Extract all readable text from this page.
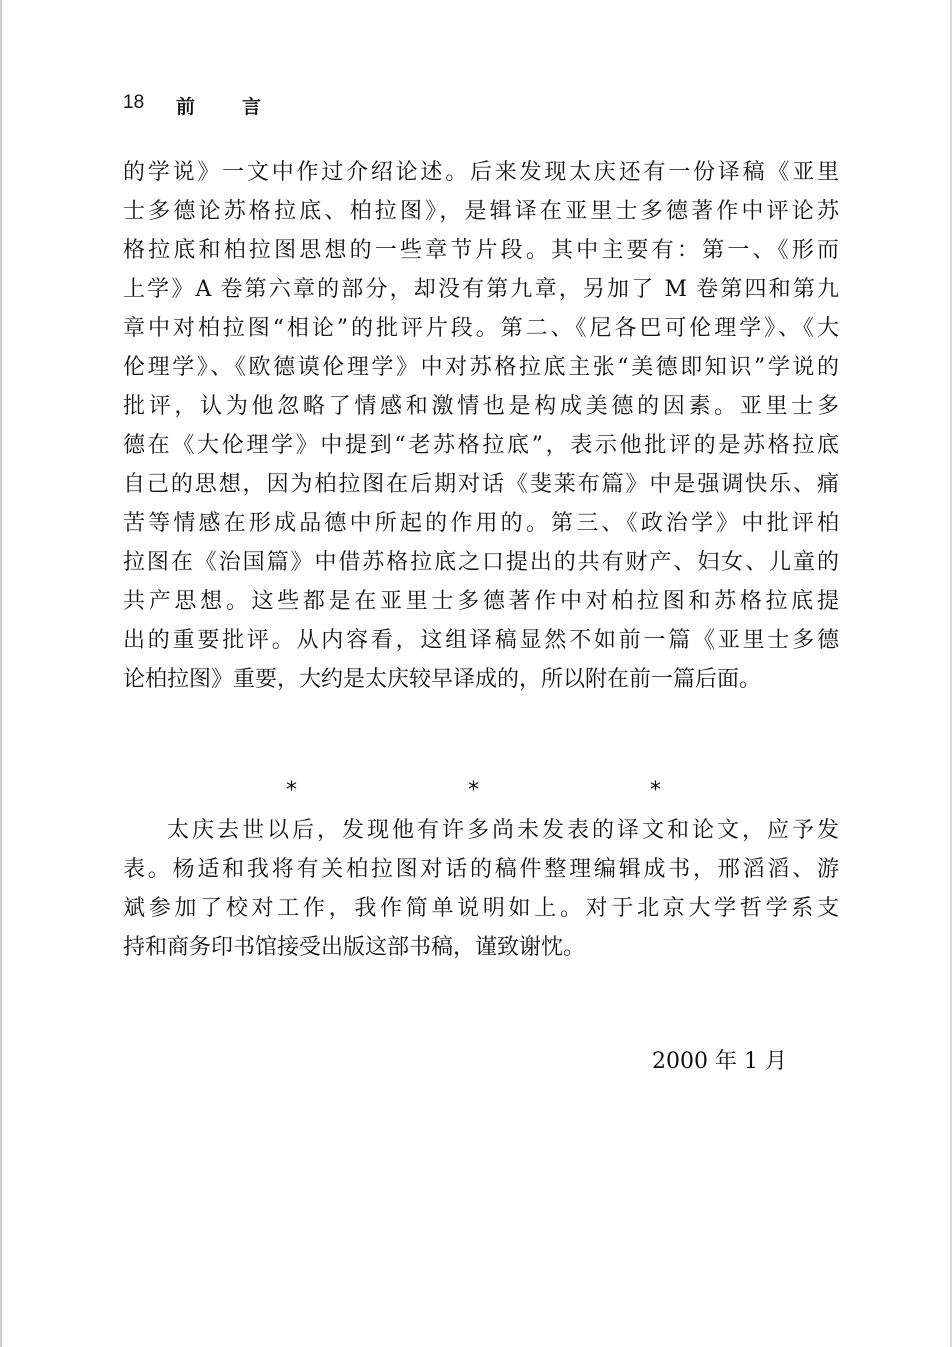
18 前言
的学说》一文中作过介绍论述。后来发现太庆还有一份译稿《亚里
士多德论苏格拉底、柏拉图》，是辑译在亚里士多德著作中评论苏
格拉底和柏拉图思想的一些章节片段。其中主要有：第一、《形而
上学》A 卷第六章的部分，却没有第九章，另加了 M 卷第四和第九
章中对柏拉图“相论”的批评片段。第二、《尼各巴可伦理学》、《大
伦理学》、《欧德谟伦理学》中对苏格拉底主张“美德即知识”学说的
批评，认为他忽略了情感和激情也是构成美德的因素。亚里士多
德在《大伦理学》中提到“老苏格拉底”，表示他批评的是苏格拉底
自己的思想，因为柏拉图在后期对话《斐莱布篇》中是强调快乐、痛
苦等情感在形成品德中所起的作用的。第三、《政治学》中批评柏
拉图在《治国篇》中借苏格拉底之口提出的共有财产、妇女、儿童的
共产思想。这些都是在亚里士多德著作中对柏拉图和苏格拉底提
出的重要批评。从内容看，这组译稿显然不如前一篇《亚里士多德
论柏拉图》重要，大约是太庆较早译成的，所以附在前一篇后面。
*	*	*
太庆去世以后，发现他有许多尚未发表的译文和论文，应予发
表。杨适和我将有关柏拉图对话的稿件整理编辑成书，邢滔滔、游
斌参加了校对工作，我作简单说明如上。对于北京大学哲学系支
持和商务印书馆接受出版这部书稿，谨致谢忱。
2000 年 1 月
